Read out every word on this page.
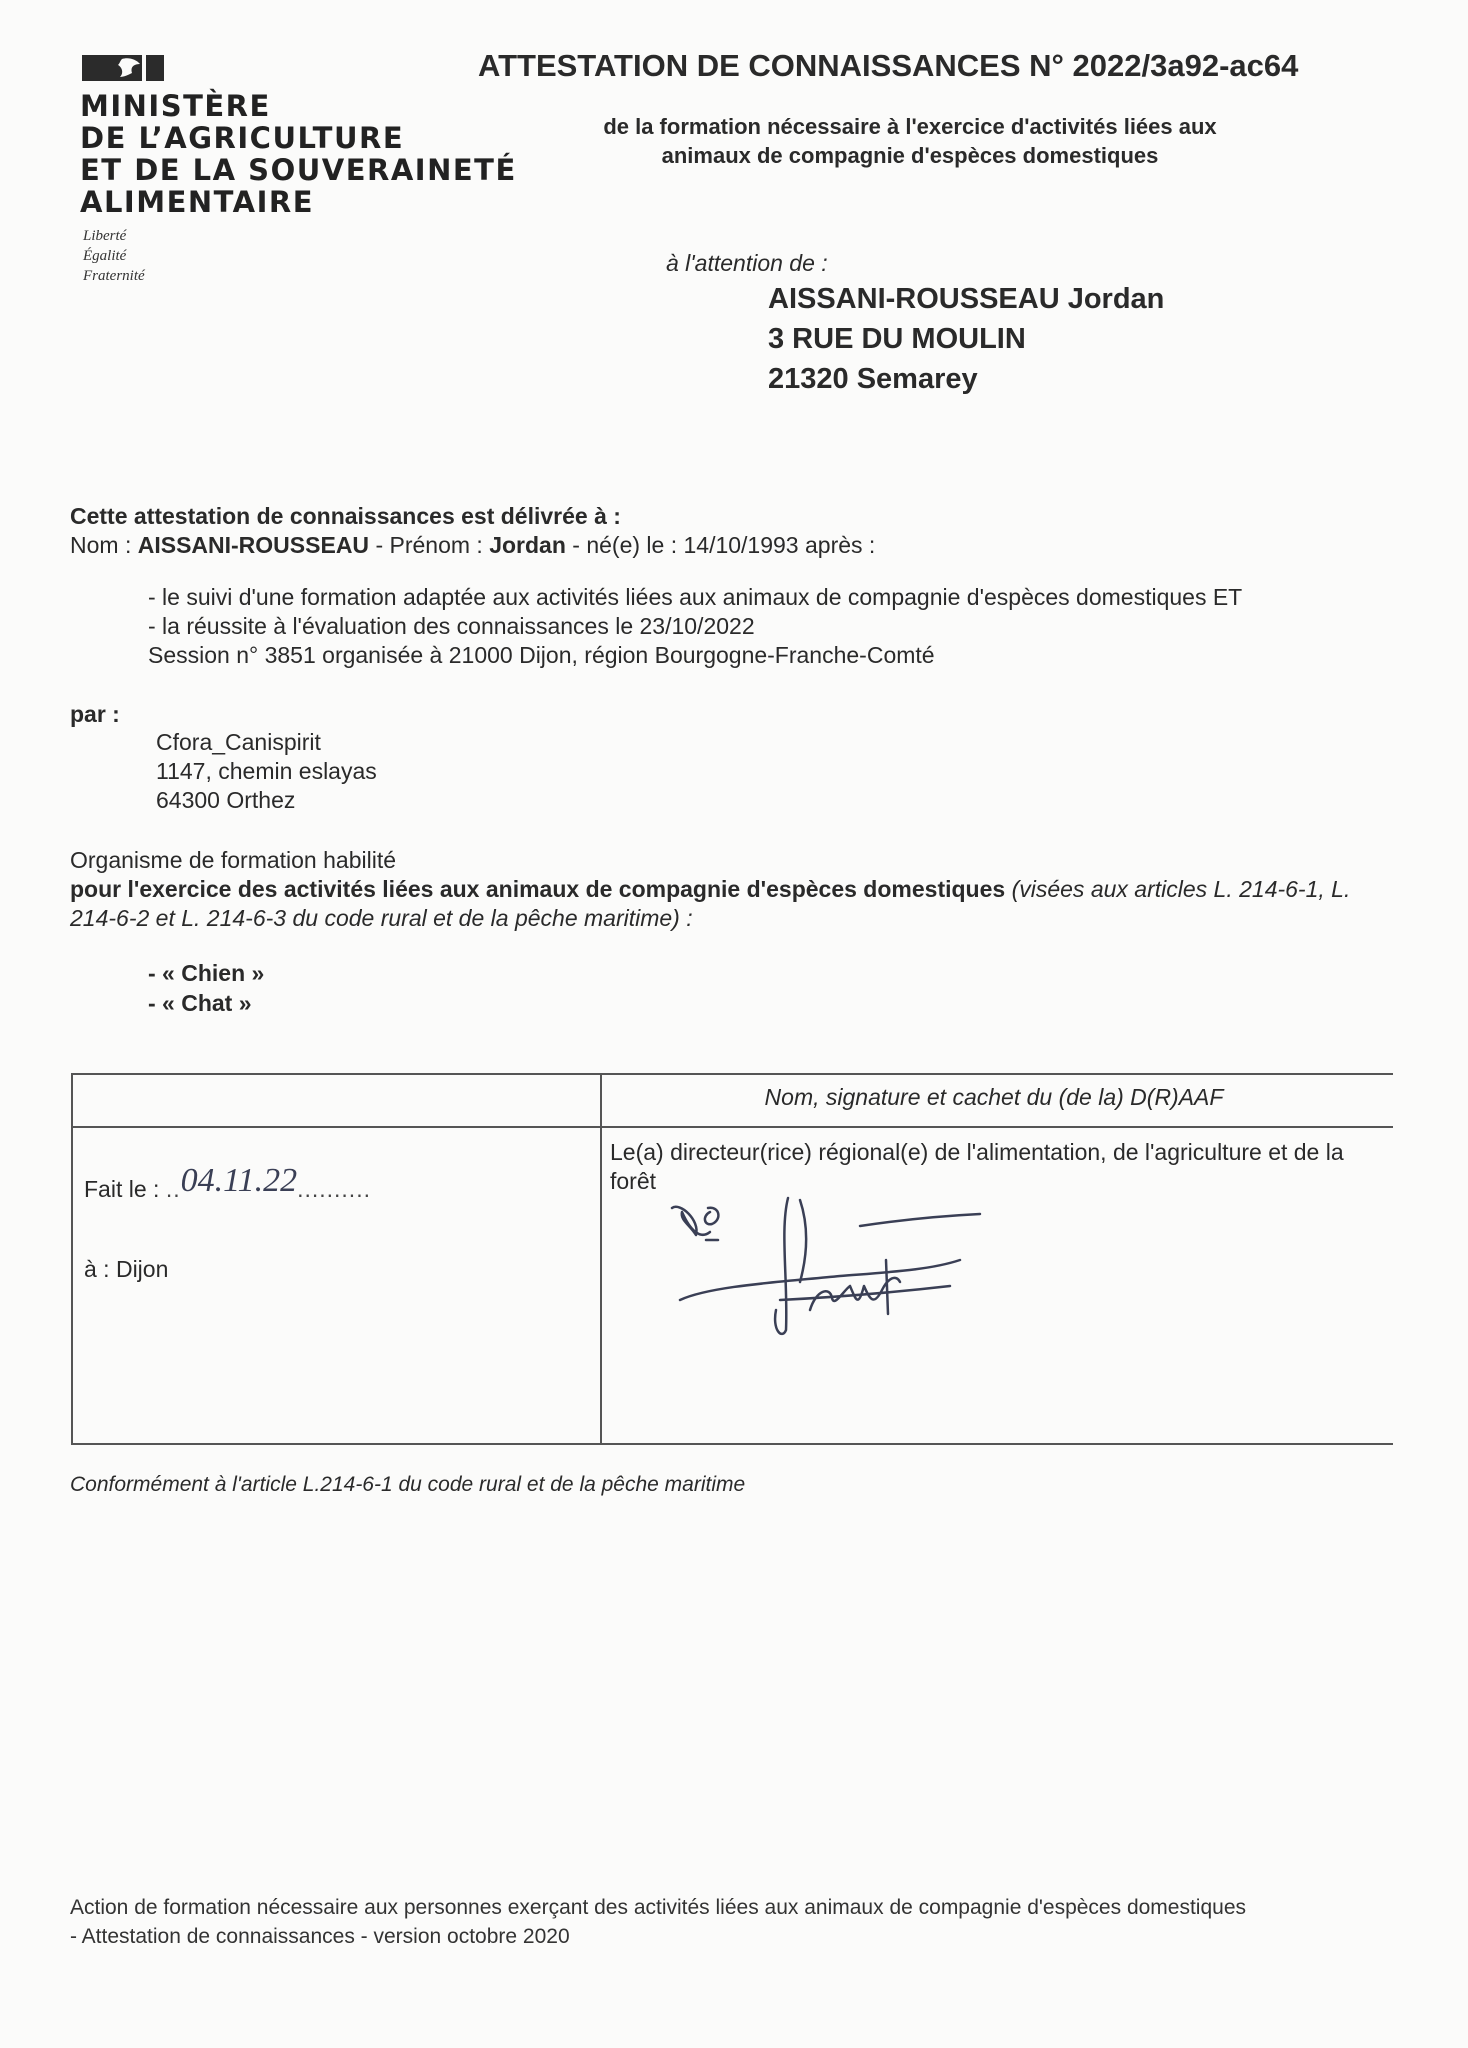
MINISTÈRE
DE L’AGRICULTURE
ET DE LA SOUVERAINETÉ
ALIMENTAIRE
Liberté
Égalité
Fraternité
ATTESTATION DE CONNAISSANCES N° 2022/3a92-ac64
de la formation nécessaire à l'exercice d'activités liées aux
animaux de compagnie d'espèces domestiques
à l'attention de :
AISSANI-ROUSSEAU Jordan
3 RUE DU MOULIN
21320 Semarey
Cette attestation de connaissances est délivrée à :
Nom : AISSANI-ROUSSEAU - Prénom : Jordan - né(e) le : 14/10/1993 après :
- le suivi d'une formation adaptée aux activités liées aux animaux de compagnie d'espèces domestiques ET
- la réussite à l'évaluation des connaissances le 23/10/2022
Session n° 3851 organisée à 21000 Dijon, région Bourgogne-Franche-Comté
par :
Cfora_Canispirit
1147, chemin eslayas
64300 Orthez
Organisme de formation habilité
pour l'exercice des activités liées aux animaux de compagnie d'espèces domestiques (visées aux articles L. 214-6-1, L. 214-6-2 et L. 214-6-3 du code rural et de la pêche maritime) :
- « Chien »
- « Chat »
Nom, signature et cachet du (de la) D(R)AAF
Fait le : ..04.11.22..........
à : Dijon
Le(a) directeur(rice) régional(e) de l'alimentation, de l'agriculture et de la forêt
Conformément à l'article L.214-6-1 du code rural et de la pêche maritime
Action de formation nécessaire aux personnes exerçant des activités liées aux animaux de compagnie d'espèces domestiques
- Attestation de connaissances - version octobre 2020
